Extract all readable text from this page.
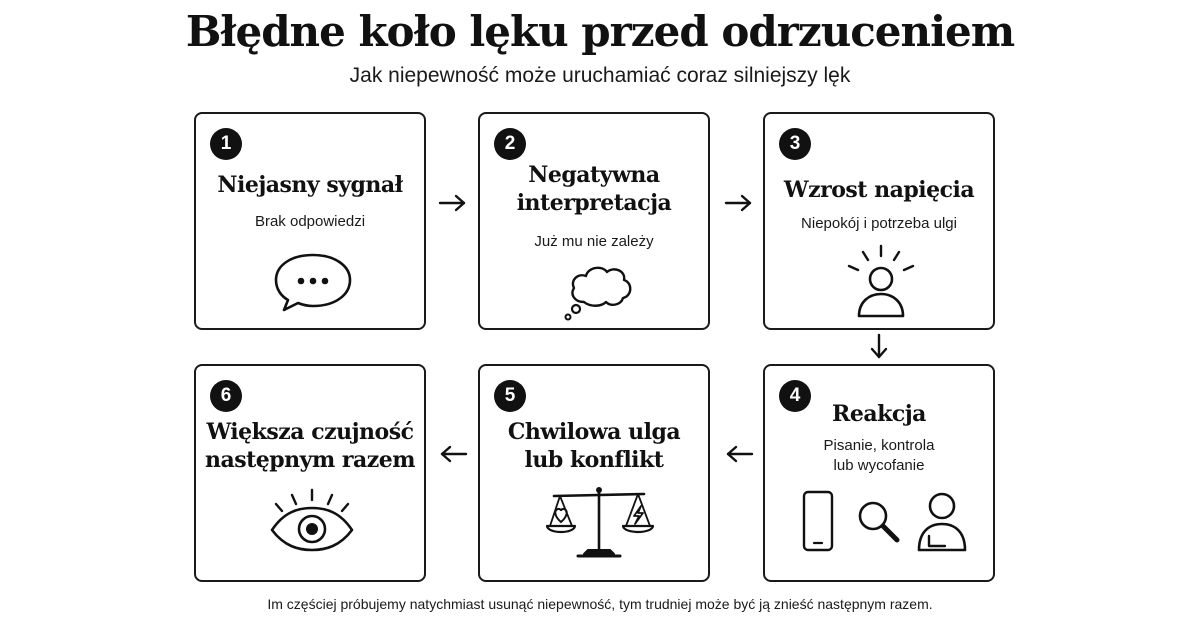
Błędne koło lęku przed odrzuceniem
Jak niepewność może uruchamiać coraz silniejszy lęk
1
Niejasny sygnał
Brak odpowiedzi
2
Negatywna
interpretacja
Już mu nie zależy
3
Wzrost napięcia
Niepokój i potrzeba ulgi
4
Reakcja
Pisanie, kontrola
lub wycofanie
5
Chwilowa ulga
lub konflikt
6
Większa czujność
następnym razem
Im częściej próbujemy natychmiast usunąć niepewność, tym trudniej może być ją znieść następnym razem.
